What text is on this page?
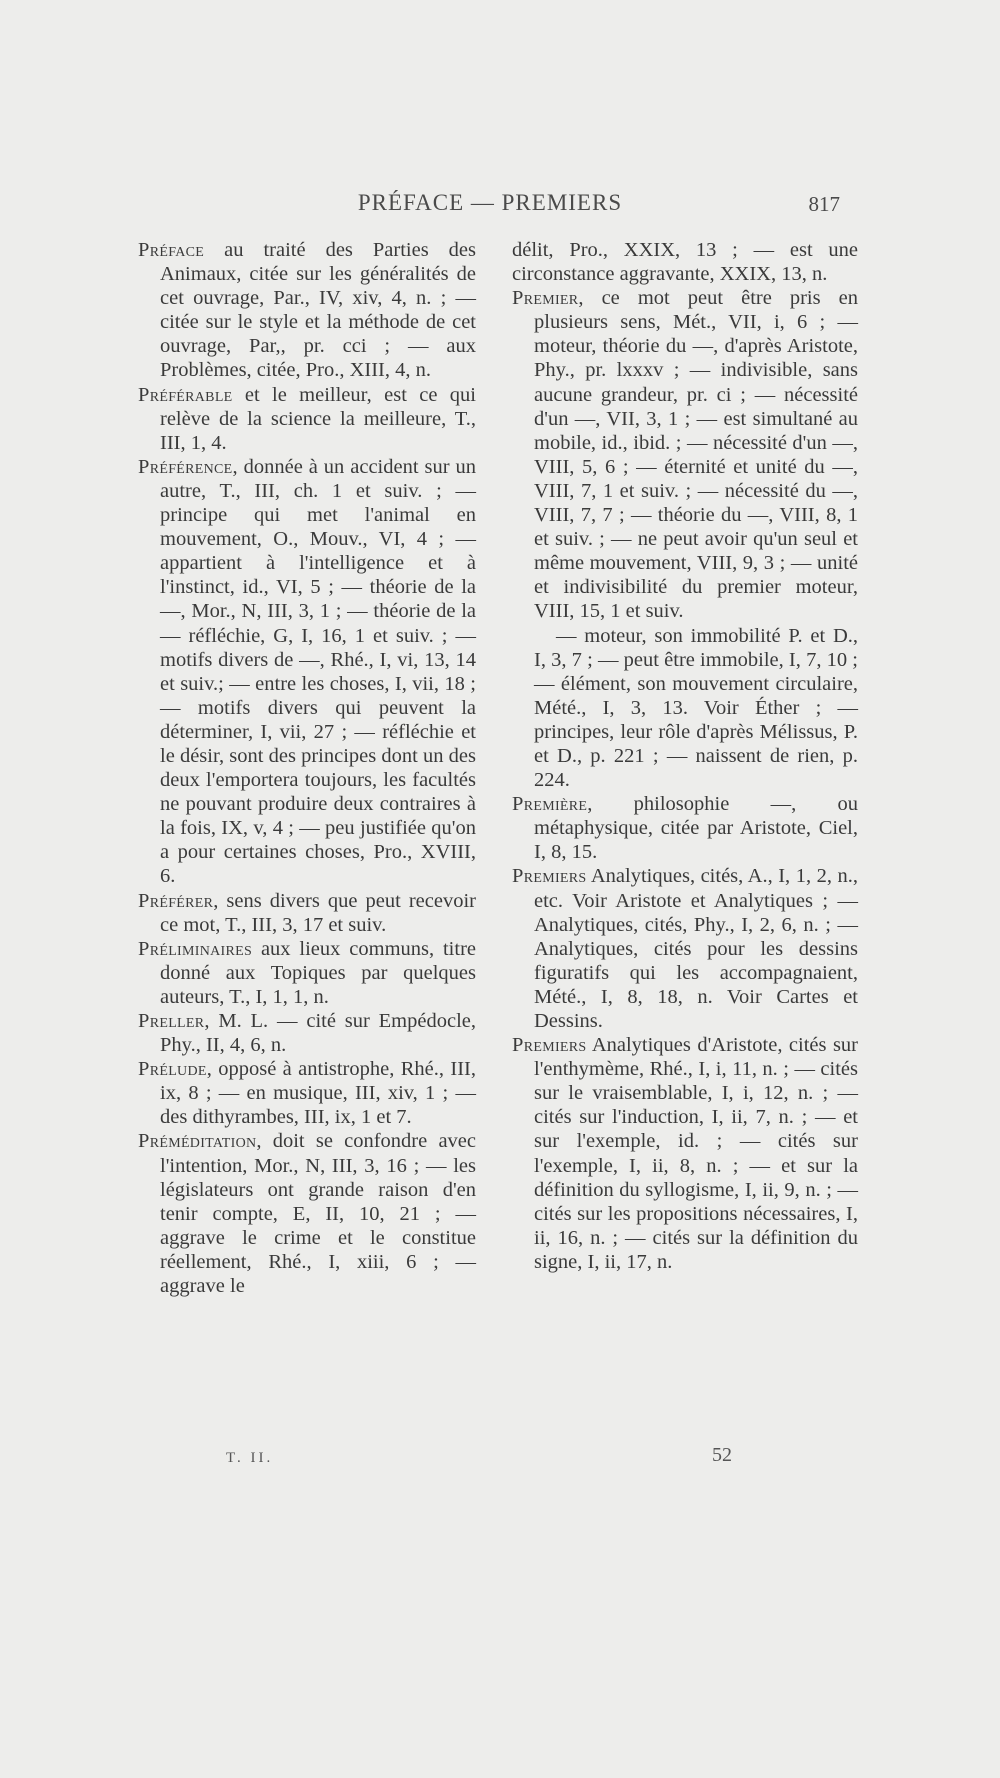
PRÉFACE — PREMIERS	817

Préface au traité des Parties des Animaux, citée sur les généralités de cet ouvrage, Par., IV, xiv, 4, n. ; — citée sur le style et la méthode de cet ouvrage, Par,, pr. cci ; — aux Problèmes, citée, Pro., XIII, 4, n.

Préférable et le meilleur, est ce qui relève de la science la meilleure, T., III, 1, 4.

Préférence, donnée à un accident sur un autre, T., III, ch. 1 et suiv. ; — principe qui met l'animal en mouvement, O., Mouv., VI, 4 ; — appartient à l'intelligence et à l'instinct, id., VI, 5 ; — théorie de la —, Mor., N, III, 3, 1 ; — théorie de la — réfléchie, G, I, 16, 1 et suiv. ; — motifs divers de —, Rhé., I, vi, 13, 14 et suiv.; — entre les choses, I, vii, 18 ; — motifs divers qui peuvent la déterminer, I, vii, 27 ; — réfléchie et le désir, sont des principes dont un des deux l'emportera toujours, les facultés ne pouvant produire deux contraires à la fois, IX, v, 4 ; — peu justifiée qu'on a pour certaines choses, Pro., XVIII, 6.

Préférer, sens divers que peut recevoir ce mot, T., III, 3, 17 et suiv.

Préliminaires aux lieux communs, titre donné aux Topiques par quelques auteurs, T., I, 1, 1, n.

Preller, M. L. — cité sur Empédocle, Phy., II, 4, 6, n.

Prélude, opposé à antistrophe, Rhé., III, ix, 8 ; — en musique, III, xiv, 1 ; — des dithyrambes, III, ix, 1 et 7.

Préméditation, doit se confondre avec l'intention, Mor., N, III, 3, 16 ; — les législateurs ont grande raison d'en tenir compte, E, II, 10, 21 ; — aggrave le crime et le constitue réellement, Rhé., I, xiii, 6 ; — aggrave le

délit, Pro., XXIX, 13 ; — est une circonstance aggravante, XXIX, 13, n.

Premier, ce mot peut être pris en plusieurs sens, Mét., VII, i, 6 ; — moteur, théorie du —, d'après Aristote, Phy., pr. lxxxv ; — indivisible, sans aucune grandeur, pr. ci ; — nécessité d'un —, VII, 3, 1 ; — est simultané au mobile, id., ibid. ; — nécessité d'un —, VIII, 5, 6 ; — éternité et unité du —, VIII, 7, 1 et suiv. ; — nécessité du —, VIII, 7, 7 ; — théorie du —, VIII, 8, 1 et suiv. ; — ne peut avoir qu'un seul et même mouvement, VIII, 9, 3 ; — unité et indivisibilité du premier moteur, VIII, 15, 1 et suiv.

— moteur, son immobilité P. et D., I, 3, 7 ; — peut être immobile, I, 7, 10 ; — élément, son mouvement circulaire, Mété., I, 3, 13. Voir Éther ; — principes, leur rôle d'après Mélissus, P. et D., p. 221 ; — naissent de rien, p. 224.

Première, philosophie —, ou métaphysique, citée par Aristote, Ciel, I, 8, 15.

Premiers Analytiques, cités, A., I, 1, 2, n., etc. Voir Aristote et Analytiques ; — Analytiques, cités, Phy., I, 2, 6, n. ; — Analytiques, cités pour les dessins figuratifs qui les accompagnaient, Mété., I, 8, 18, n. Voir Cartes et Dessins.

Premiers Analytiques d'Aristote, cités sur l'enthymème, Rhé., I, i, 11, n. ; — cités sur le vraisemblable, I, i, 12, n. ; — cités sur l'induction, I, ii, 7, n. ; — et sur l'exemple, id. ; — cités sur l'exemple, I, ii, 8, n. ; — et sur la définition du syllogisme, I, ii, 9, n. ; — cités sur les propositions nécessaires, I, ii, 16, n. ; — cités sur la définition du signe, I, ii, 17, n.

T. II.	52
